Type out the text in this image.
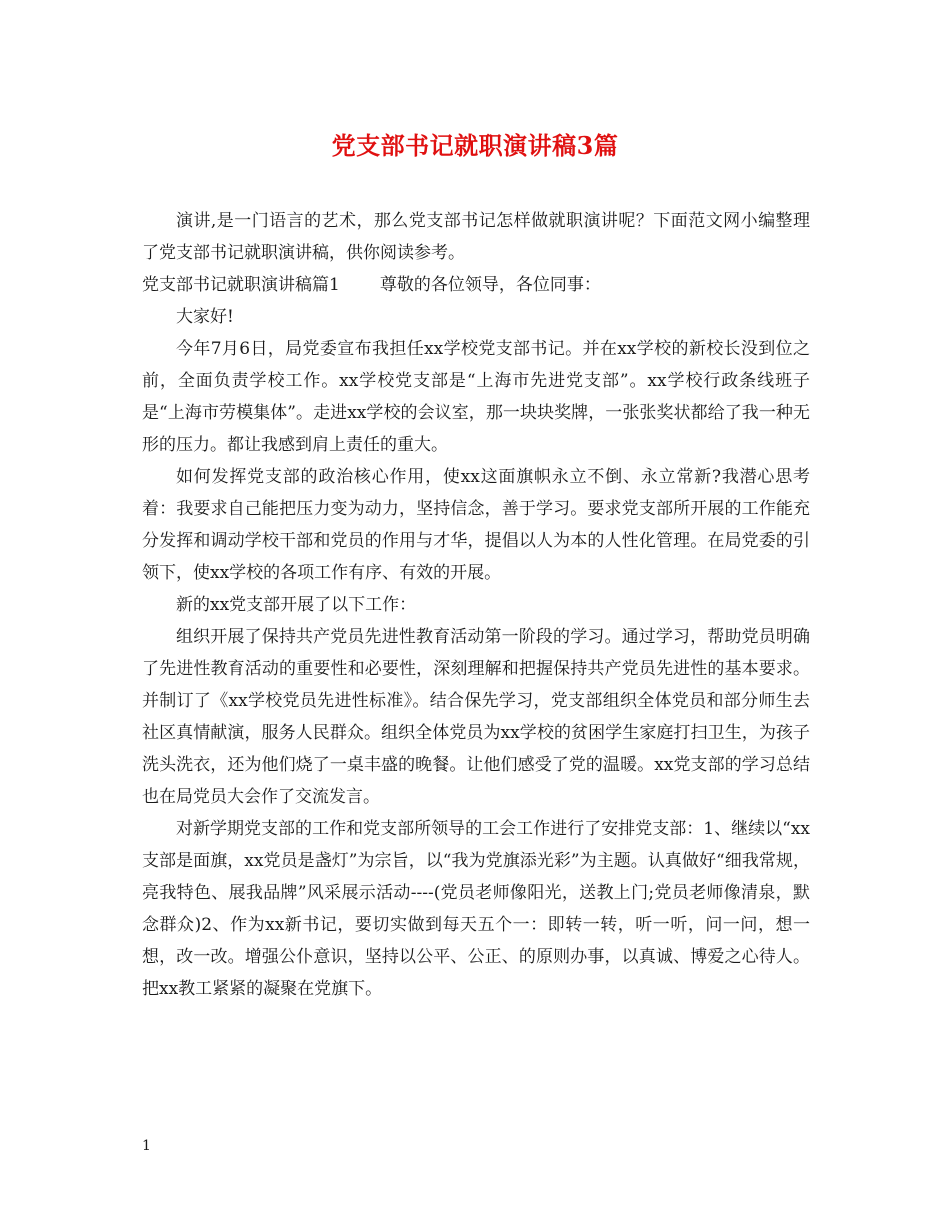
党支部书记就职演讲稿3篇

演讲,是一门语言的艺术，那么党支部书记怎样做就职演讲呢？下面范文网小编整理了党支部书记就职演讲稿，供你阅读参考。

党支部书记就职演讲稿篇1 尊敬的各位领导，各位同事：

大家好!

今年7月6日，局党委宣布我担任xx学校党支部书记。并在xx学校的新校长没到位之前，全面负责学校工作。xx学校党支部是“上海市先进党支部”。xx学校行政条线班子是“上海市劳模集体”。走进xx学校的会议室，那一块块奖牌，一张张奖状都给了我一种无形的压力。都让我感到肩上责任的重大。

如何发挥党支部的政治核心作用，使xx这面旗帜永立不倒、永立常新?我潜心思考着：我要求自己能把压力变为动力，坚持信念，善于学习。要求党支部所开展的工作能充分发挥和调动学校干部和党员的作用与才华，提倡以人为本的人性化管理。在局党委的引领下，使xx学校的各项工作有序、有效的开展。

新的xx党支部开展了以下工作：

组织开展了保持共产党员先进性教育活动第一阶段的学习。通过学习，帮助党员明确了先进性教育活动的重要性和必要性，深刻理解和把握保持共产党员先进性的基本要求。并制订了《xx学校党员先进性标准》。结合保先学习，党支部组织全体党员和部分师生去社区真情献演，服务人民群众。组织全体党员为xx学校的贫困学生家庭打扫卫生，为孩子洗头洗衣，还为他们烧了一桌丰盛的晚餐。让他们感受了党的温暖。xx党支部的学习总结也在局党员大会作了交流发言。

对新学期党支部的工作和党支部所领导的工会工作进行了安排党支部：1、继续以“xx支部是面旗，xx党员是盏灯”为宗旨，以“我为党旗添光彩”为主题。认真做好“细我常规，亮我特色、展我品牌”风采展示活动----(党员老师像阳光，送教上门;党员老师像清泉，默念群众)2、作为xx新书记，要切实做到每天五个一：即转一转，听一听，问一问，想一想，改一改。增强公仆意识，坚持以公平、公正、的原则办事，以真诚、博爱之心待人。把xx教工紧紧的凝聚在党旗下。

1
